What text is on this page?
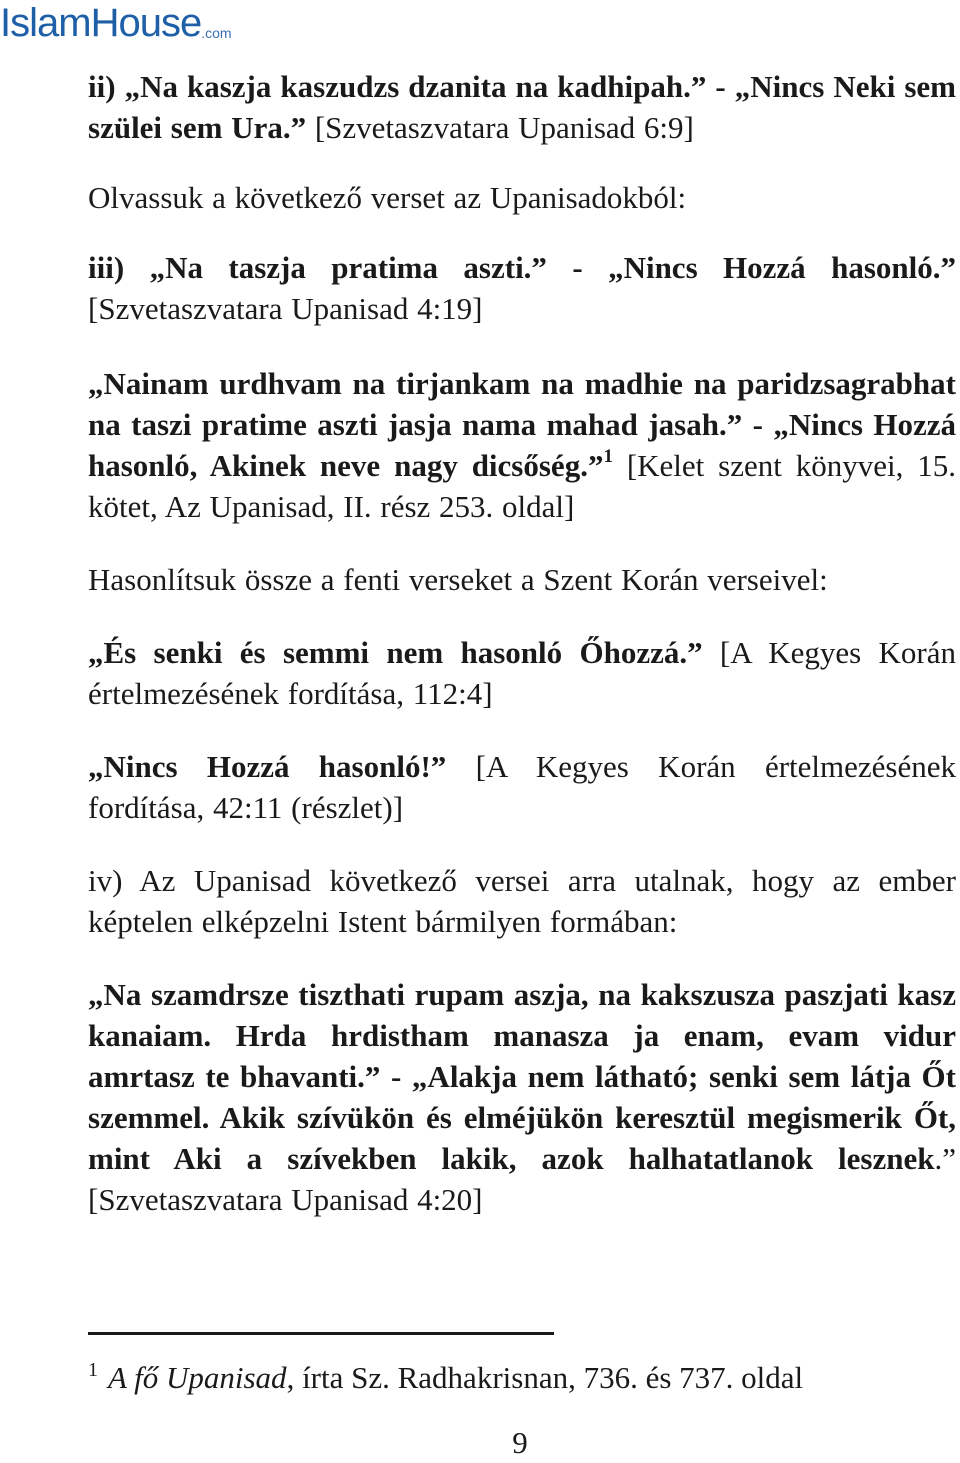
IslamHouse .com

ii) „Na kaszja kaszudzs dzanita na kadhipah.” - „Nincs Neki sem szülei sem Ura.” [Szvetaszvatara Upanisad 6:9]

Olvassuk a következő verset az Upanisadokból:

iii) „Na taszja pratima aszti.” - „Nincs Hozzá hasonló.” [Szvetaszvatara Upanisad 4:19]

„Nainam urdhvam na tirjankam na madhie na paridzsagrabhat na taszi pratime aszti jasja nama mahad jasah.” - „Nincs Hozzá hasonló, Akinek neve nagy dicsőség.”$^1$ [Kelet szent könyvei, 15. kötet, Az Upanisad, II. rész 253. oldal]

Hasonlítsuk össze a fenti verseket a Szent Korán verseivel:

„És senki és semmi nem hasonló Őhozzá.” [A Kegyes Korán értelmezésének fordítása, 112:4]

„Nincs Hozzá hasonló!” [A Kegyes Korán értelmezésének fordítása, 42:11 (részlet)]

iv) Az Upanisad következő versei arra utalnak, hogy az ember képtelen elképzelni Istent bármilyen formában:

„Na szamdrsze tiszthati rupam aszja, na kakszusza paszjati kasz kanaiam. Hrda hrdistham manasza ja enam, evam vidur amrtasz te bhavanti.” - „Alakja nem látható; senki sem látja Őt szemmel. Akik szívükön és elméjükön keresztül megismerik Őt, mint Aki a szívekben lakik, azok halhatatlanok lesznek.” [Szvetaszvatara Upanisad 4:20]

$^1$ A fő Upanisad, írta Sz. Radhakrisnan, 736. és 737. oldal
9
